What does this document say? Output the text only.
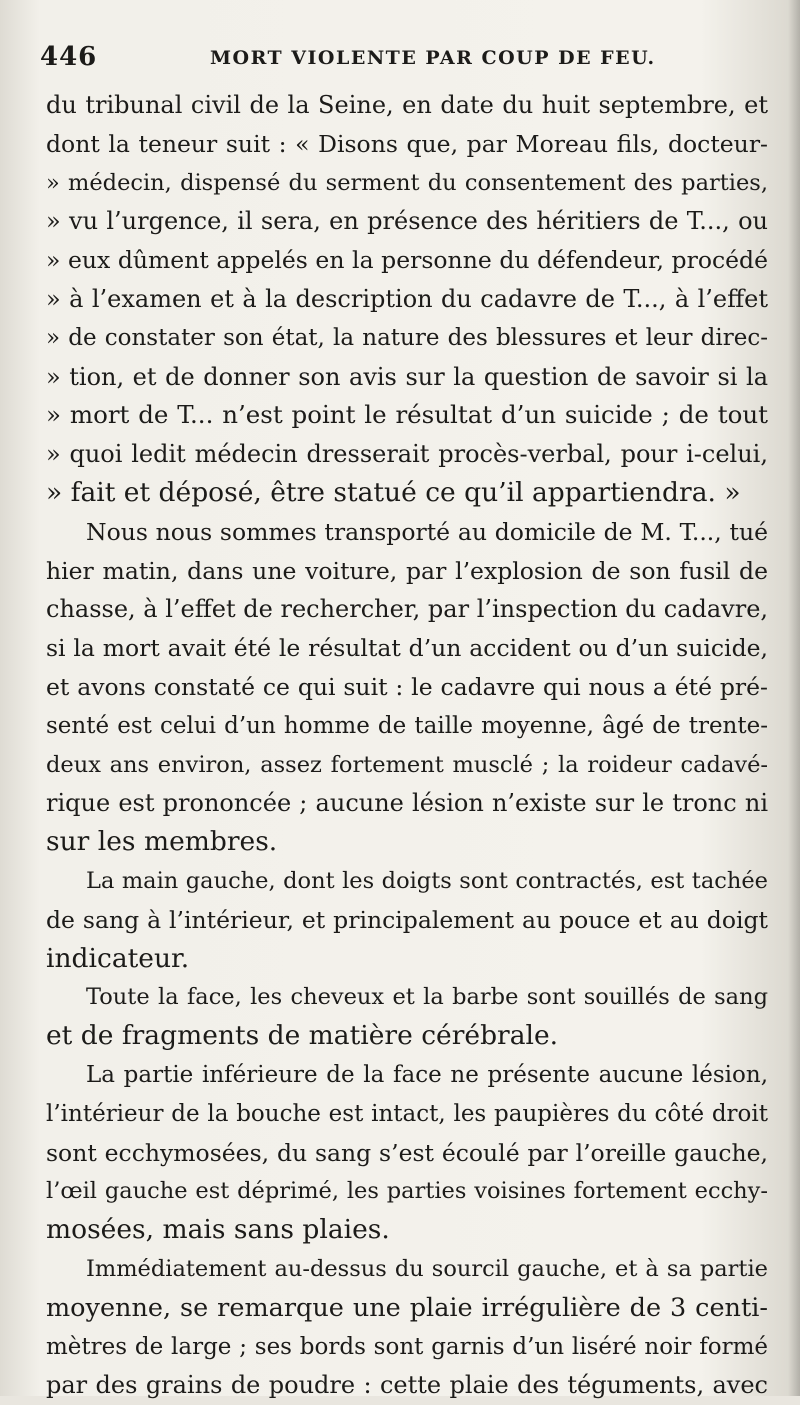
446	MORT VIOLENTE PAR COUP DE FEU.
du tribunal civil de la Seine, en date du huit septembre, et
dont la teneur suit : « Disons que, par Moreau fils, docteur-
» médecin, dispensé du serment du consentement des parties,
» vu l’urgence, il sera, en présence des héritiers de T..., ou
» eux dûment appelés en la personne du défendeur, procédé
» à l’examen et à la description du cadavre de T..., à l’effet
» de constater son état, la nature des blessures et leur direc-
» tion, et de donner son avis sur la question de savoir si la
» mort de T... n’est point le résultat d’un suicide ; de tout
» quoi ledit médecin dresserait procès-verbal, pour i-celui,
» fait et déposé, être statué ce qu’il appartiendra. »
Nous nous sommes transporté au domicile de M. T..., tué
hier matin, dans une voiture, par l’explosion de son fusil de
chasse, à l’effet de rechercher, par l’inspection du cadavre,
si la mort avait été le résultat d’un accident ou d’un suicide,
et avons constaté ce qui suit : le cadavre qui nous a été pré-
senté est celui d’un homme de taille moyenne, âgé de trente-
deux ans environ, assez fortement musclé ; la roideur cadavé-
rique est prononcée ; aucune lésion n’existe sur le tronc ni
sur les membres.
La main gauche, dont les doigts sont contractés, est tachée
de sang à l’intérieur, et principalement au pouce et au doigt
indicateur.
Toute la face, les cheveux et la barbe sont souillés de sang
et de fragments de matière cérébrale.
La partie inférieure de la face ne présente aucune lésion,
l’intérieur de la bouche est intact, les paupières du côté droit
sont ecchymosées, du sang s’est écoulé par l’oreille gauche,
l’œil gauche est déprimé, les parties voisines fortement ecchy-
mosées, mais sans plaies.
Immédiatement au-dessus du sourcil gauche, et à sa partie
moyenne, se remarque une plaie irrégulière de 3 centi-
mètres de large ; ses bords sont garnis d’un liséré noir formé
par des grains de poudre : cette plaie des téguments, avec
